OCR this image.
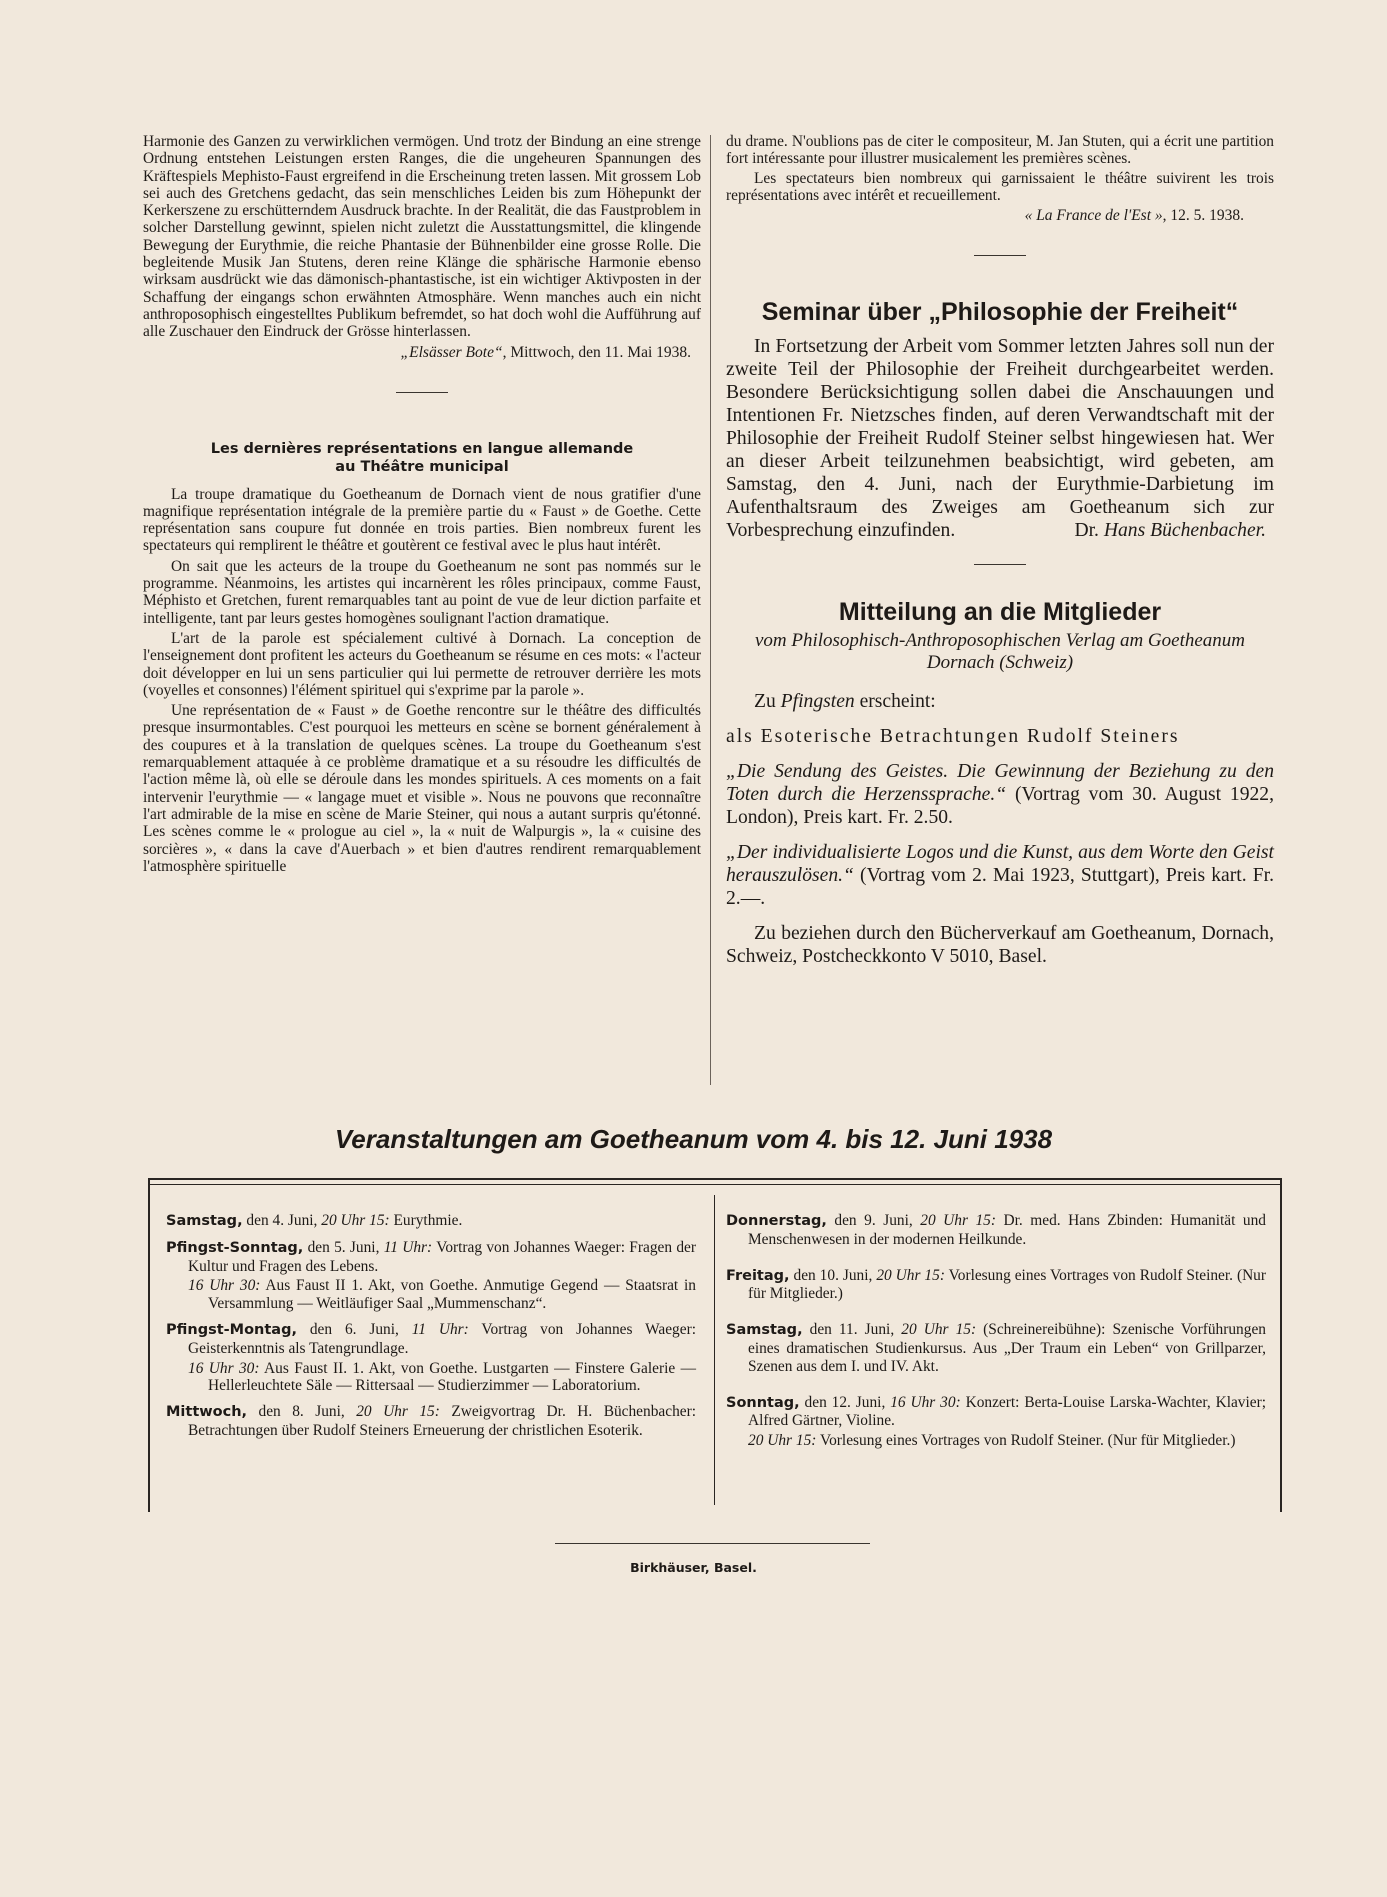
Harmonie des Ganzen zu verwirklichen vermögen. Und trotz der Bindung an eine strenge Ordnung entstehen Leistungen ersten Ranges, die die ungeheuren Spannungen des Kräftespiels Mephisto-Faust ergreifend in die Erscheinung treten lassen. Mit grossem Lob sei auch des Gretchens gedacht, das sein menschliches Leiden bis zum Höhepunkt der Kerkerszene zu erschütterndem Ausdruck brachte. In der Realität, die das Faustproblem in solcher Darstellung gewinnt, spielen nicht zuletzt die Ausstattungsmittel, die klingende Bewegung der Eurythmie, die reiche Phantasie der Bühnenbilder eine grosse Rolle. Die begleitende Musik Jan Stutens, deren reine Klänge die sphärische Harmonie ebenso wirksam ausdrückt wie das dämonisch-phantastische, ist ein wichtiger Aktivposten in der Schaffung der eingangs schon erwähnten Atmosphäre. Wenn manches auch ein nicht anthroposophisch eingestelltes Publikum befremdet, so hat doch wohl die Aufführung auf alle Zuschauer den Eindruck der Grösse hinterlassen.

„Elsässer Bote“, Mittwoch, den 11. Mai 1938.
Les dernières représentations en langue allemande
au Théâtre municipal

La troupe dramatique du Goetheanum de Dornach vient de nous gratifier d'une magnifique représentation intégrale de la première partie du « Faust » de Goethe. Cette représentation sans coupure fut donnée en trois parties. Bien nombreux furent les spectateurs qui remplirent le théâtre et goutèrent ce festival avec le plus haut intérêt.

On sait que les acteurs de la troupe du Goetheanum ne sont pas nommés sur le programme. Néanmoins, les artistes qui incarnèrent les rôles principaux, comme Faust, Méphisto et Gretchen, furent remarquables tant au point de vue de leur diction parfaite et intelligente, tant par leurs gestes homogènes soulignant l'action dramatique.

L'art de la parole est spécialement cultivé à Dornach. La conception de l'enseignement dont profitent les acteurs du Goetheanum se résume en ces mots: « l'acteur doit développer en lui un sens particulier qui lui permette de retrouver derrière les mots (voyelles et consonnes) l'élément spirituel qui s'exprime par la parole ».

Une représentation de « Faust » de Goethe rencontre sur le théâtre des difficultés presque insurmontables. C'est pourquoi les metteurs en scène se bornent généralement à des coupures et à la translation de quelques scènes. La troupe du Goetheanum s'est remarquablement attaquée à ce problème dramatique et a su résoudre les difficultés de l'action même là, où elle se déroule dans les mondes spirituels. A ces moments on a fait intervenir l'eurythmie — « langage muet et visible ». Nous ne pouvons que reconnaître l'art admirable de la mise en scène de Marie Steiner, qui nous a autant surpris qu'étonné. Les scènes comme le « prologue au ciel », la « nuit de Walpurgis », la « cuisine des sorcières », « dans la cave d'Auerbach » et bien d'autres rendirent remarquablement l'atmosphère spirituelle

du drame. N'oublions pas de citer le compositeur, M. Jan Stuten, qui a écrit une partition fort intéressante pour illustrer musicalement les premières scènes.

Les spectateurs bien nombreux qui garnissaient le théâtre suivirent les trois représentations avec intérêt et recueillement.

« La France de l'Est », 12. 5. 1938.
Seminar über „Philosophie der Freiheit“

In Fortsetzung der Arbeit vom Sommer letzten Jahres soll nun der zweite Teil der Philosophie der Freiheit durchgearbeitet werden. Besondere Berücksichtigung sollen dabei die Anschauungen und Intentionen Fr. Nietzsches finden, auf deren Verwandtschaft mit der Philosophie der Freiheit Rudolf Steiner selbst hingewiesen hat. Wer an dieser Arbeit teilzunehmen beabsichtigt, wird gebeten, am Samstag, den 4. Juni, nach der Eurythmie-Darbietung im Aufenthaltsraum des Zweiges am Goetheanum sich zur Vorbesprechung einzufinden.	Dr. Hans Büchenbacher.

Mitteilung an die Mitglieder
vom Philosophisch-Anthroposophischen Verlag am Goetheanum
Dornach (Schweiz)

Zu Pfingsten erscheint:

als Esoterische Betrachtungen Rudolf Steiners

„Die Sendung des Geistes. Die Gewinnung der Beziehung zu den Toten durch die Herzenssprache.“ (Vortrag vom 30. August 1922, London), Preis kart. Fr. 2.50.

„Der individualisierte Logos und die Kunst, aus dem Worte den Geist herauszulösen.“ (Vortrag vom 2. Mai 1923, Stuttgart), Preis kart. Fr. 2.—.

Zu beziehen durch den Bücherverkauf am Goetheanum, Dornach, Schweiz, Postcheckkonto V 5010, Basel.

Veranstaltungen am Goetheanum vom 4. bis 12. Juni 1938
Samstag, den 4. Juni, 20 Uhr 15: Eurythmie.
Pfingst-Sonntag, den 5. Juni, 11 Uhr: Vortrag von Johannes Waeger: Fragen der Kultur und Fragen des Lebens.
16 Uhr 30: Aus Faust II 1. Akt, von Goethe. Anmutige Gegend — Staatsrat in Versammlung — Weitläufiger Saal „Mummenschanz“.
Pfingst-Montag, den 6. Juni, 11 Uhr: Vortrag von Johannes Waeger: Geisterkenntnis als Tatengrundlage.
16 Uhr 30: Aus Faust II. 1. Akt, von Goethe. Lustgarten — Finstere Galerie — Hellerleuchtete Säle — Rittersaal — Studierzimmer — Laboratorium.
Mittwoch, den 8. Juni, 20 Uhr 15: Zweigvortrag Dr. H. Büchenbacher: Betrachtungen über Rudolf Steiners Erneuerung der christlichen Esoterik.
Donnerstag, den 9. Juni, 20 Uhr 15: Dr. med. Hans Zbinden: Humanität und Menschenwesen in der modernen Heilkunde.
Freitag, den 10. Juni, 20 Uhr 15: Vorlesung eines Vortrages von Rudolf Steiner. (Nur für Mitglieder.)
Samstag, den 11. Juni, 20 Uhr 15: (Schreinereibühne): Szenische Vorführungen eines dramatischen Studienkursus. Aus „Der Traum ein Leben“ von Grillparzer, Szenen aus dem I. und IV. Akt.
Sonntag, den 12. Juni, 16 Uhr 30: Konzert: Berta-Louise Larska-Wachter, Klavier; Alfred Gärtner, Violine.
20 Uhr 15: Vorlesung eines Vortrages von Rudolf Steiner. (Nur für Mitglieder.)
Birkhäuser, Basel.
